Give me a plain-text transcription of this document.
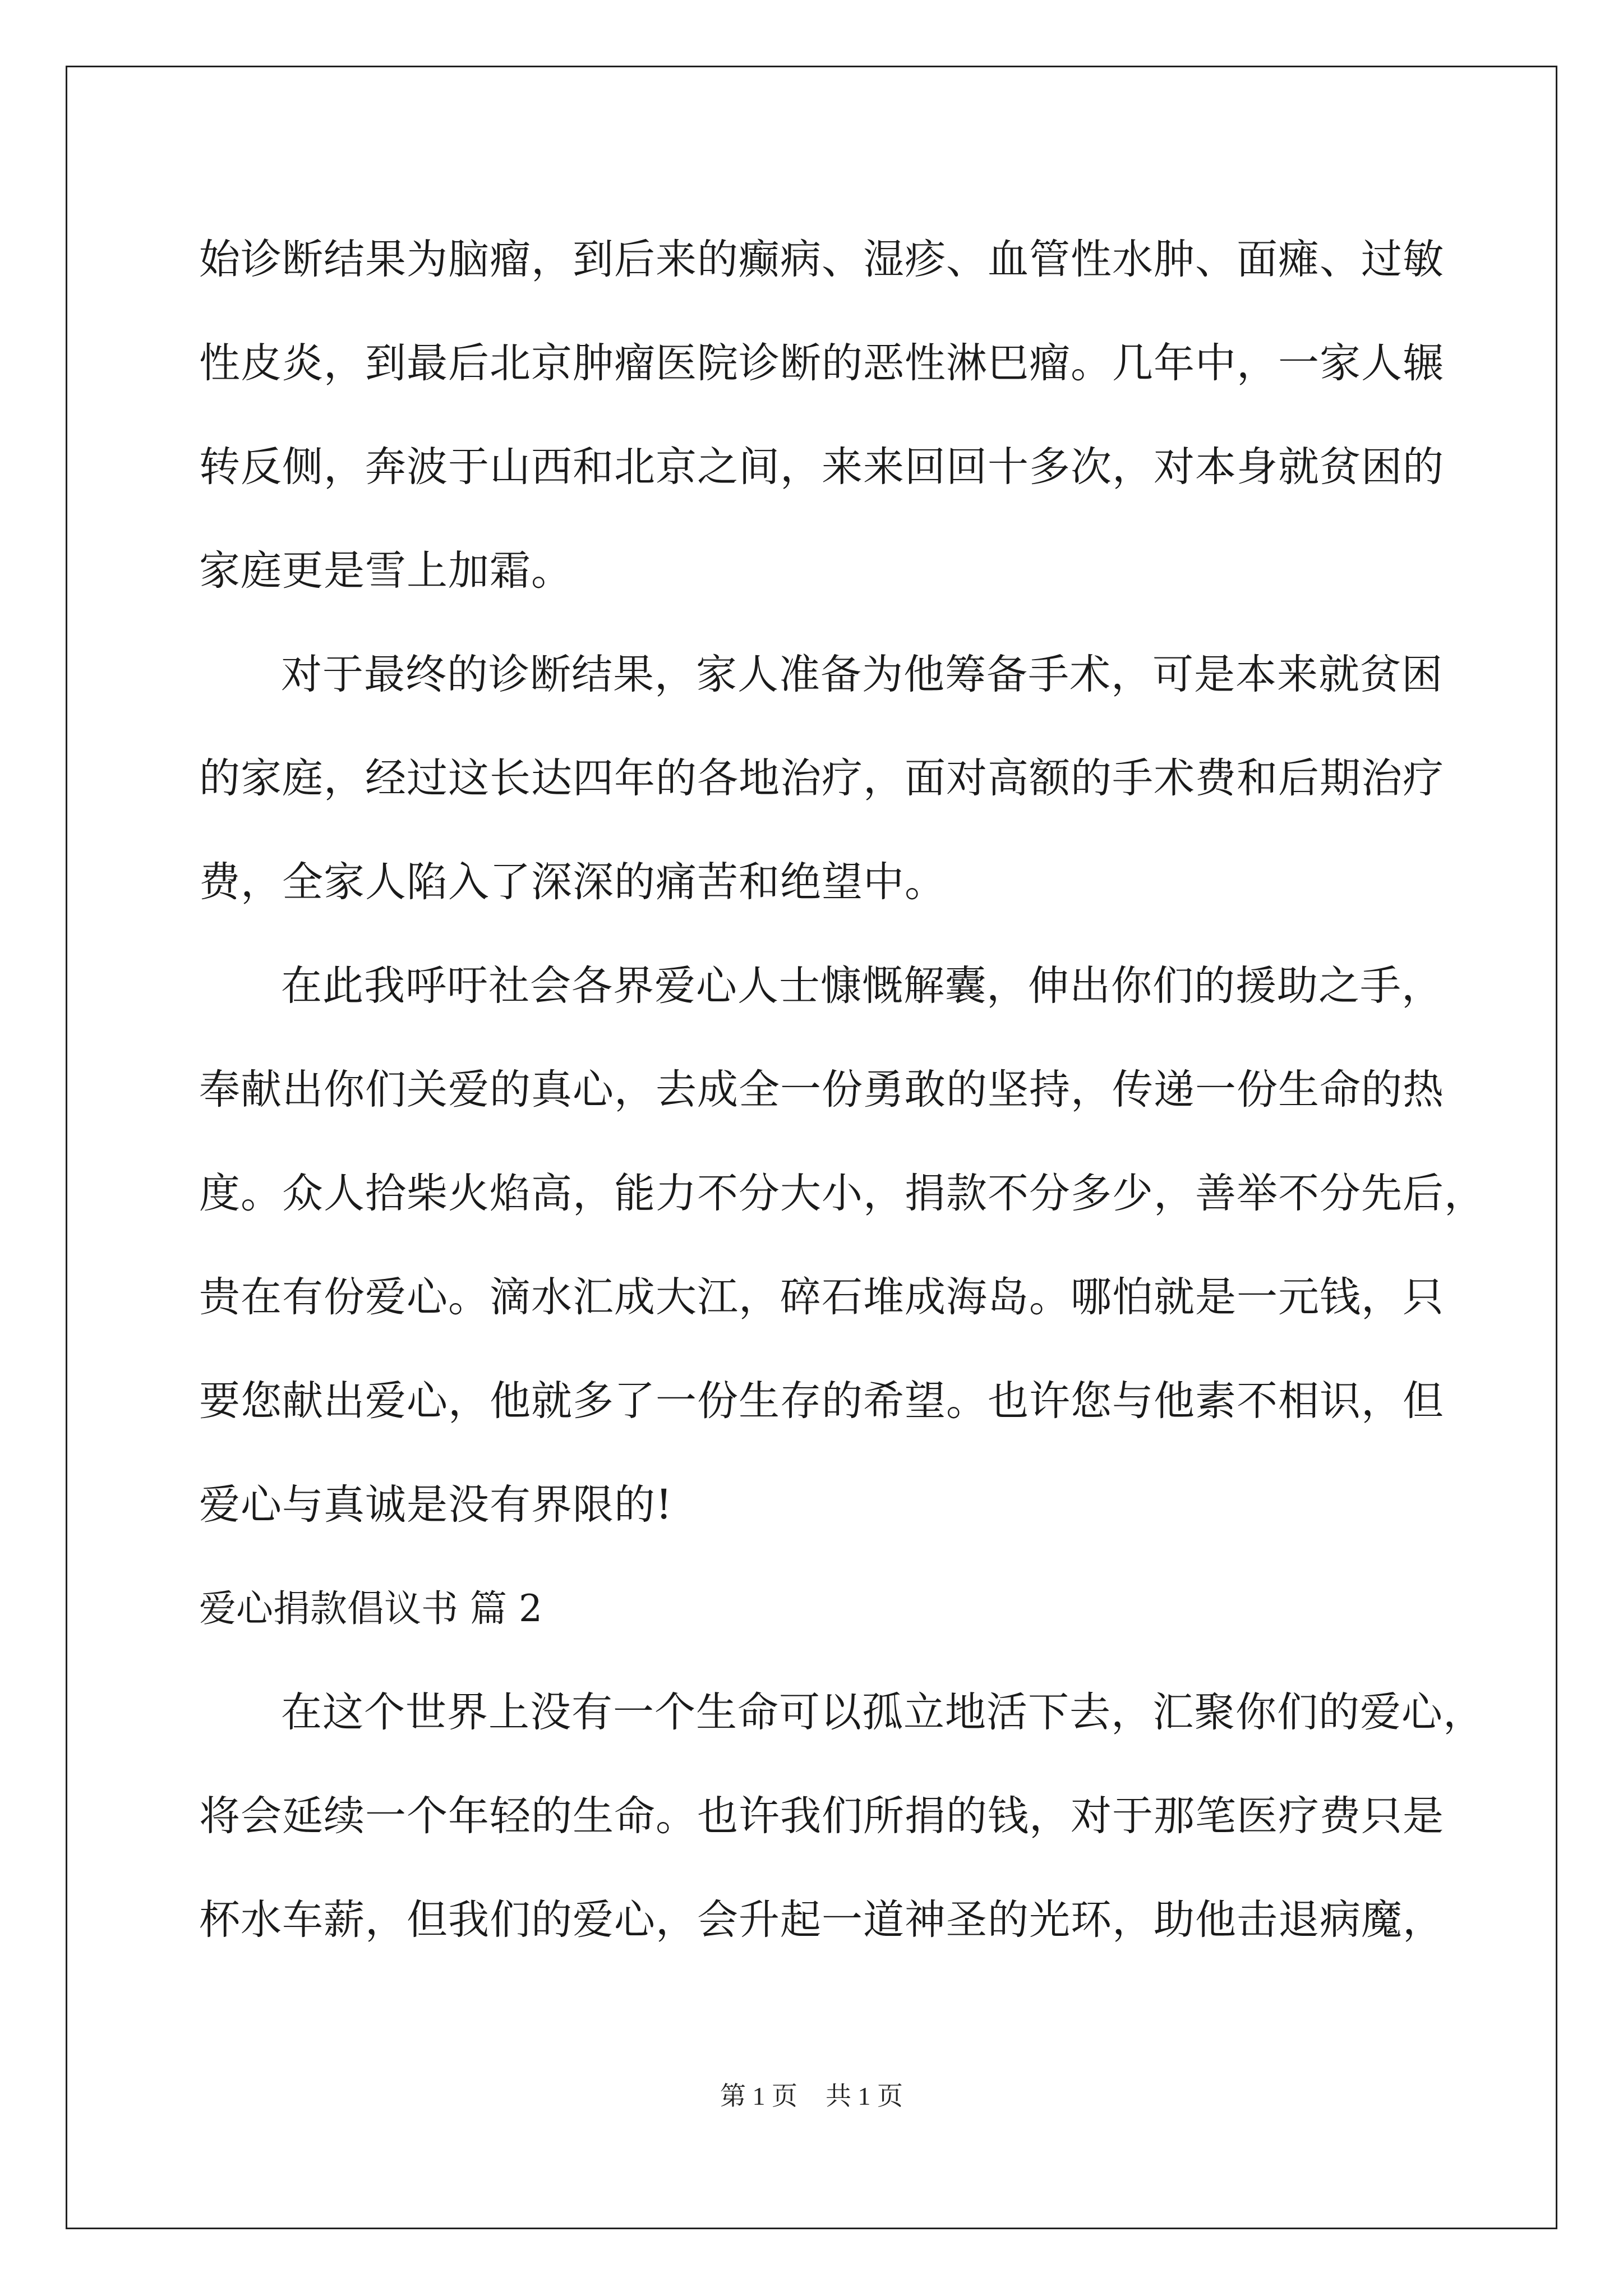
始诊断结果为脑瘤，到后来的癫病、湿疹、血管性水肿、面瘫、过敏
性皮炎，到最后北京肿瘤医院诊断的恶性淋巴瘤。几年中，一家人辗
转反侧，奔波于山西和北京之间，来来回回十多次，对本身就贫困的
家庭更是雪上加霜。
对于最终的诊断结果，家人准备为他筹备手术，可是本来就贫困
的家庭，经过这长达四年的各地治疗，面对高额的手术费和后期治疗
费，全家人陷入了深深的痛苦和绝望中。
在此我呼吁社会各界爱心人士慷慨解囊，伸出你们的援助之手，
奉献出你们关爱的真心，去成全一份勇敢的坚持，传递一份生命的热
度。众人拾柴火焰高，能力不分大小，捐款不分多少，善举不分先后，
贵在有份爱心。滴水汇成大江，碎石堆成海岛。哪怕就是一元钱，只
要您献出爱心，他就多了一份生存的希望。也许您与他素不相识，但
爱心与真诚是没有界限的!
爱心捐款倡议书 篇 2
在这个世界上没有一个生命可以孤立地活下去，汇聚你们的爱心，
将会延续一个年轻的生命。也许我们所捐的钱，对于那笔医疗费只是
杯水车薪，但我们的爱心，会升起一道神圣的光环，助他击退病魔，
第 1 页 共 1 页
